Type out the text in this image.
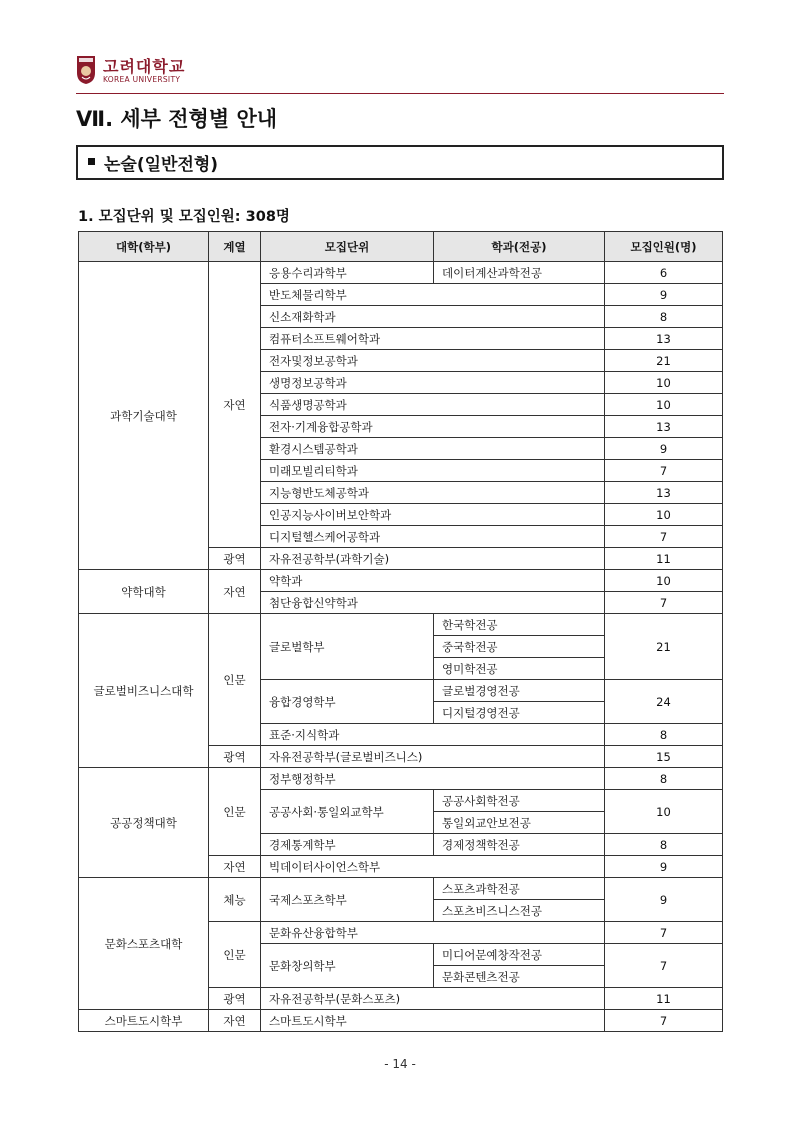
고려대학교
KOREA UNIVERSITY
Ⅶ. 세부 전형별 안내
논술(일반전형)
1. 모집단위 및 모집인원: 308명
대학(학부)	계열	모집단위	학과(전공)	모집인원(명)
과학기술대학	자연	응용수리과학부	데이터계산과학전공	6
		반도체물리학부		9
		신소재화학과		8
		컴퓨터소프트웨어학과		13
		전자및정보공학과		21
		생명정보공학과		10
		식품생명공학과		10
		전자·기계융합공학과		13
		환경시스템공학과		9
		미래모빌리티학과		7
		지능형반도체공학과		13
		인공지능사이버보안학과		10
		디지털헬스케어공학과		7
	광역	자유전공학부(과학기술)		11
약학대학	자연	약학과		10
		첨단융합신약학과		7
글로벌비즈니스대학	인문	글로벌학부	한국학전공	21
			중국학전공	
			영미학전공	
		융합경영학부	글로벌경영전공	24
			디지털경영전공	
		표준·지식학과		8
	광역	자유전공학부(글로벌비즈니스)		15
공공정책대학	인문	정부행정학부		8
		공공사회·통일외교학부	공공사회학전공	10
			통일외교안보전공	
		경제통계학부	경제정책학전공	8
	자연	빅데이터사이언스학부		9
문화스포츠대학	체능	국제스포츠학부	스포츠과학전공	9
			스포츠비즈니스전공	
	인문	문화유산융합학부		7
		문화창의학부	미디어문예창작전공	7
			문화콘텐츠전공	
	광역	자유전공학부(문화스포츠)		11
스마트도시학부	자연	스마트도시학부		7
- 14 -
